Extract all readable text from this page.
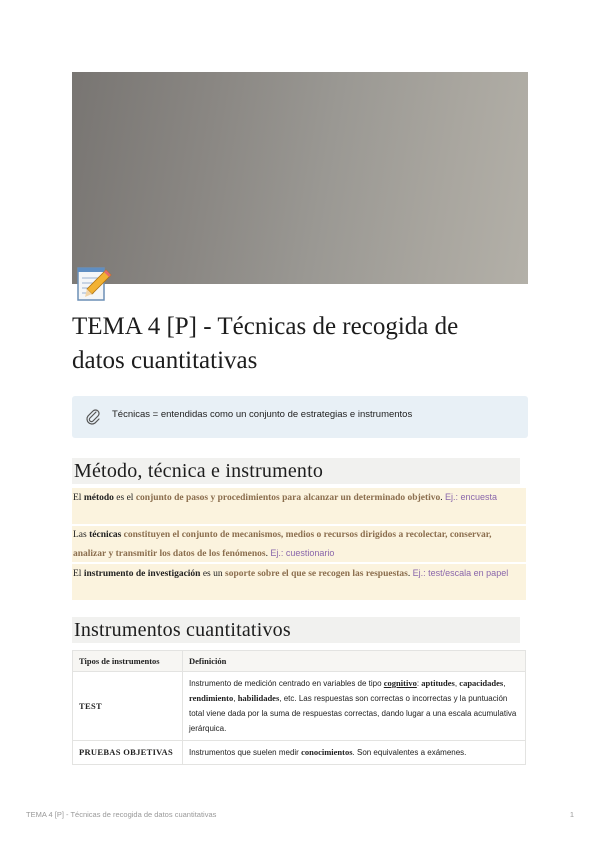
TEMA 4 [P] - Técnicas de recogida de
datos cuantitativas
Técnicas = entendidas como un conjunto de estrategias e instrumentos
Método, técnica e instrumento
El método es el conjunto de pasos y procedimientos para alcanzar un determinado objetivo. Ej.: encuesta
Las técnicas constituyen el conjunto de mecanismos, medios o recursos dirigidos a recolectar, conservar, analizar y transmitir los datos de los fenómenos. Ej.: cuestionario
El instrumento de investigación es un soporte sobre el que se recogen las respuestas. Ej.: test/escala en papel
Instrumentos cuantitativos
Tipos de instrumentos	Definición
TEST	Instrumento de medición centrado en variables de tipo cognitivo: aptitudes, capacidades, rendimiento, habilidades, etc. Las respuestas son correctas o incorrectas y la puntuación total viene dada por la suma de respuestas correctas, dando lugar a una escala acumulativa jerárquica.
PRUEBAS OBJETIVAS	Instrumentos que suelen medir conocimientos. Son equivalentes a exámenes.
TEMA 4 [P] - Técnicas de recogida de datos cuantitativas	1
